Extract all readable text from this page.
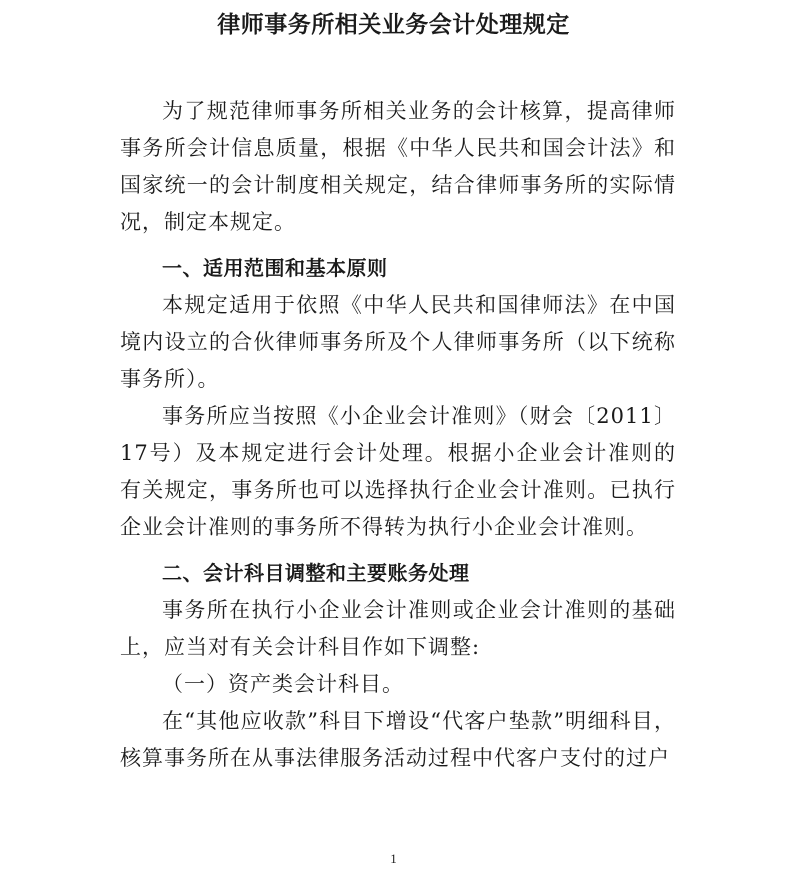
律师事务所相关业务会计处理规定

为了规范律师事务所相关业务的会计核算，提高律师事务所会计信息质量，根据《中华人民共和国会计法》和国家统一的会计制度相关规定，结合律师事务所的实际情况，制定本规定。

一、适用范围和基本原则

本规定适用于依照《中华人民共和国律师法》在中国境内设立的合伙律师事务所及个人律师事务所（以下统称事务所）。

事务所应当按照《小企业会计准则》（财会〔2011〕17号）及本规定进行会计处理。根据小企业会计准则的有关规定，事务所也可以选择执行企业会计准则。已执行企业会计准则的事务所不得转为执行小企业会计准则。

二、会计科目调整和主要账务处理

事务所在执行小企业会计准则或企业会计准则的基础上，应当对有关会计科目作如下调整:

（一）资产类会计科目。

在“其他应收款”科目下增设“代客户垫款”明细科目，核算事务所在从事法律服务活动过程中代客户支付的过户

1
